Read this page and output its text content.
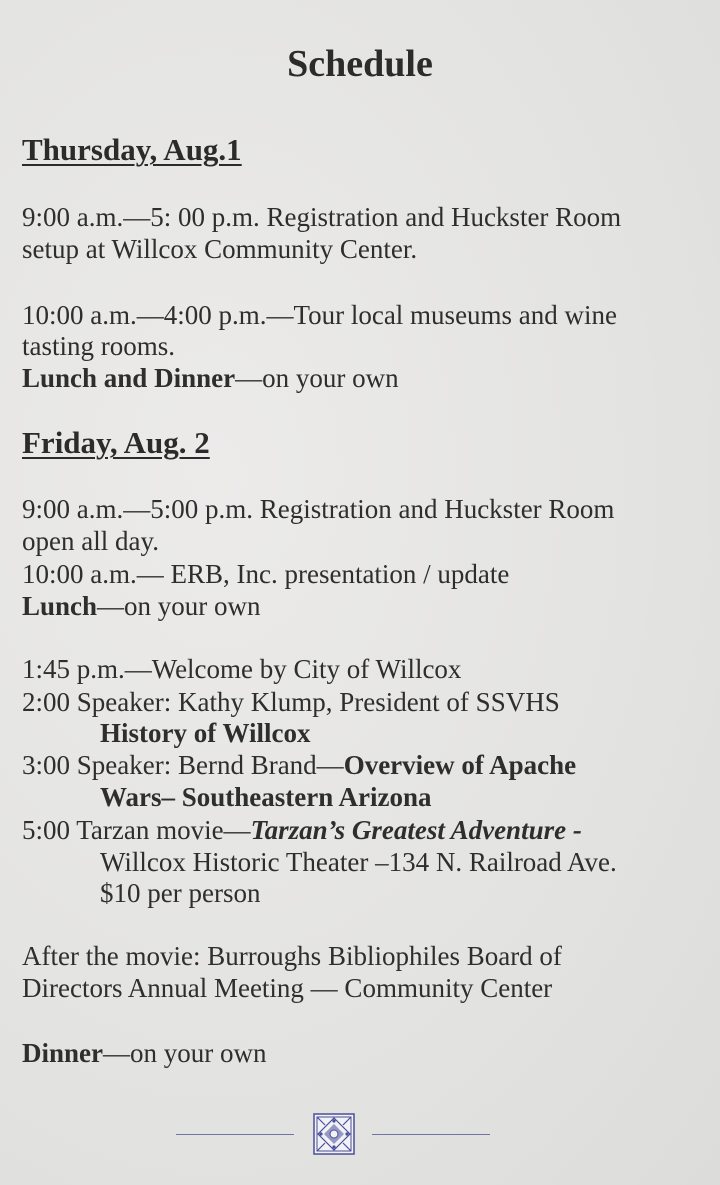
Schedule
Thursday, Aug.1
9:00 a.m.—5: 00 p.m. Registration and Huckster Room
setup at Willcox Community Center.
10:00 a.m.—4:00 p.m.—Tour local museums and wine
tasting rooms.
Lunch and Dinner—on your own
Friday, Aug. 2
9:00 a.m.—5:00 p.m. Registration and Huckster Room
open all day.
10:00 a.m.— ERB, Inc. presentation / update
Lunch—on your own
1:45 p.m.—Welcome by City of Willcox
2:00 Speaker: Kathy Klump, President of SSVHS
History of Willcox
3:00 Speaker: Bernd Brand—Overview of Apache
Wars– Southeastern Arizona
5:00 Tarzan movie—Tarzan’s Greatest Adventure -
Willcox Historic Theater –134 N. Railroad Ave.
$10 per person
After the movie: Burroughs Bibliophiles Board of
Directors Annual Meeting — Community Center
Dinner—on your own
